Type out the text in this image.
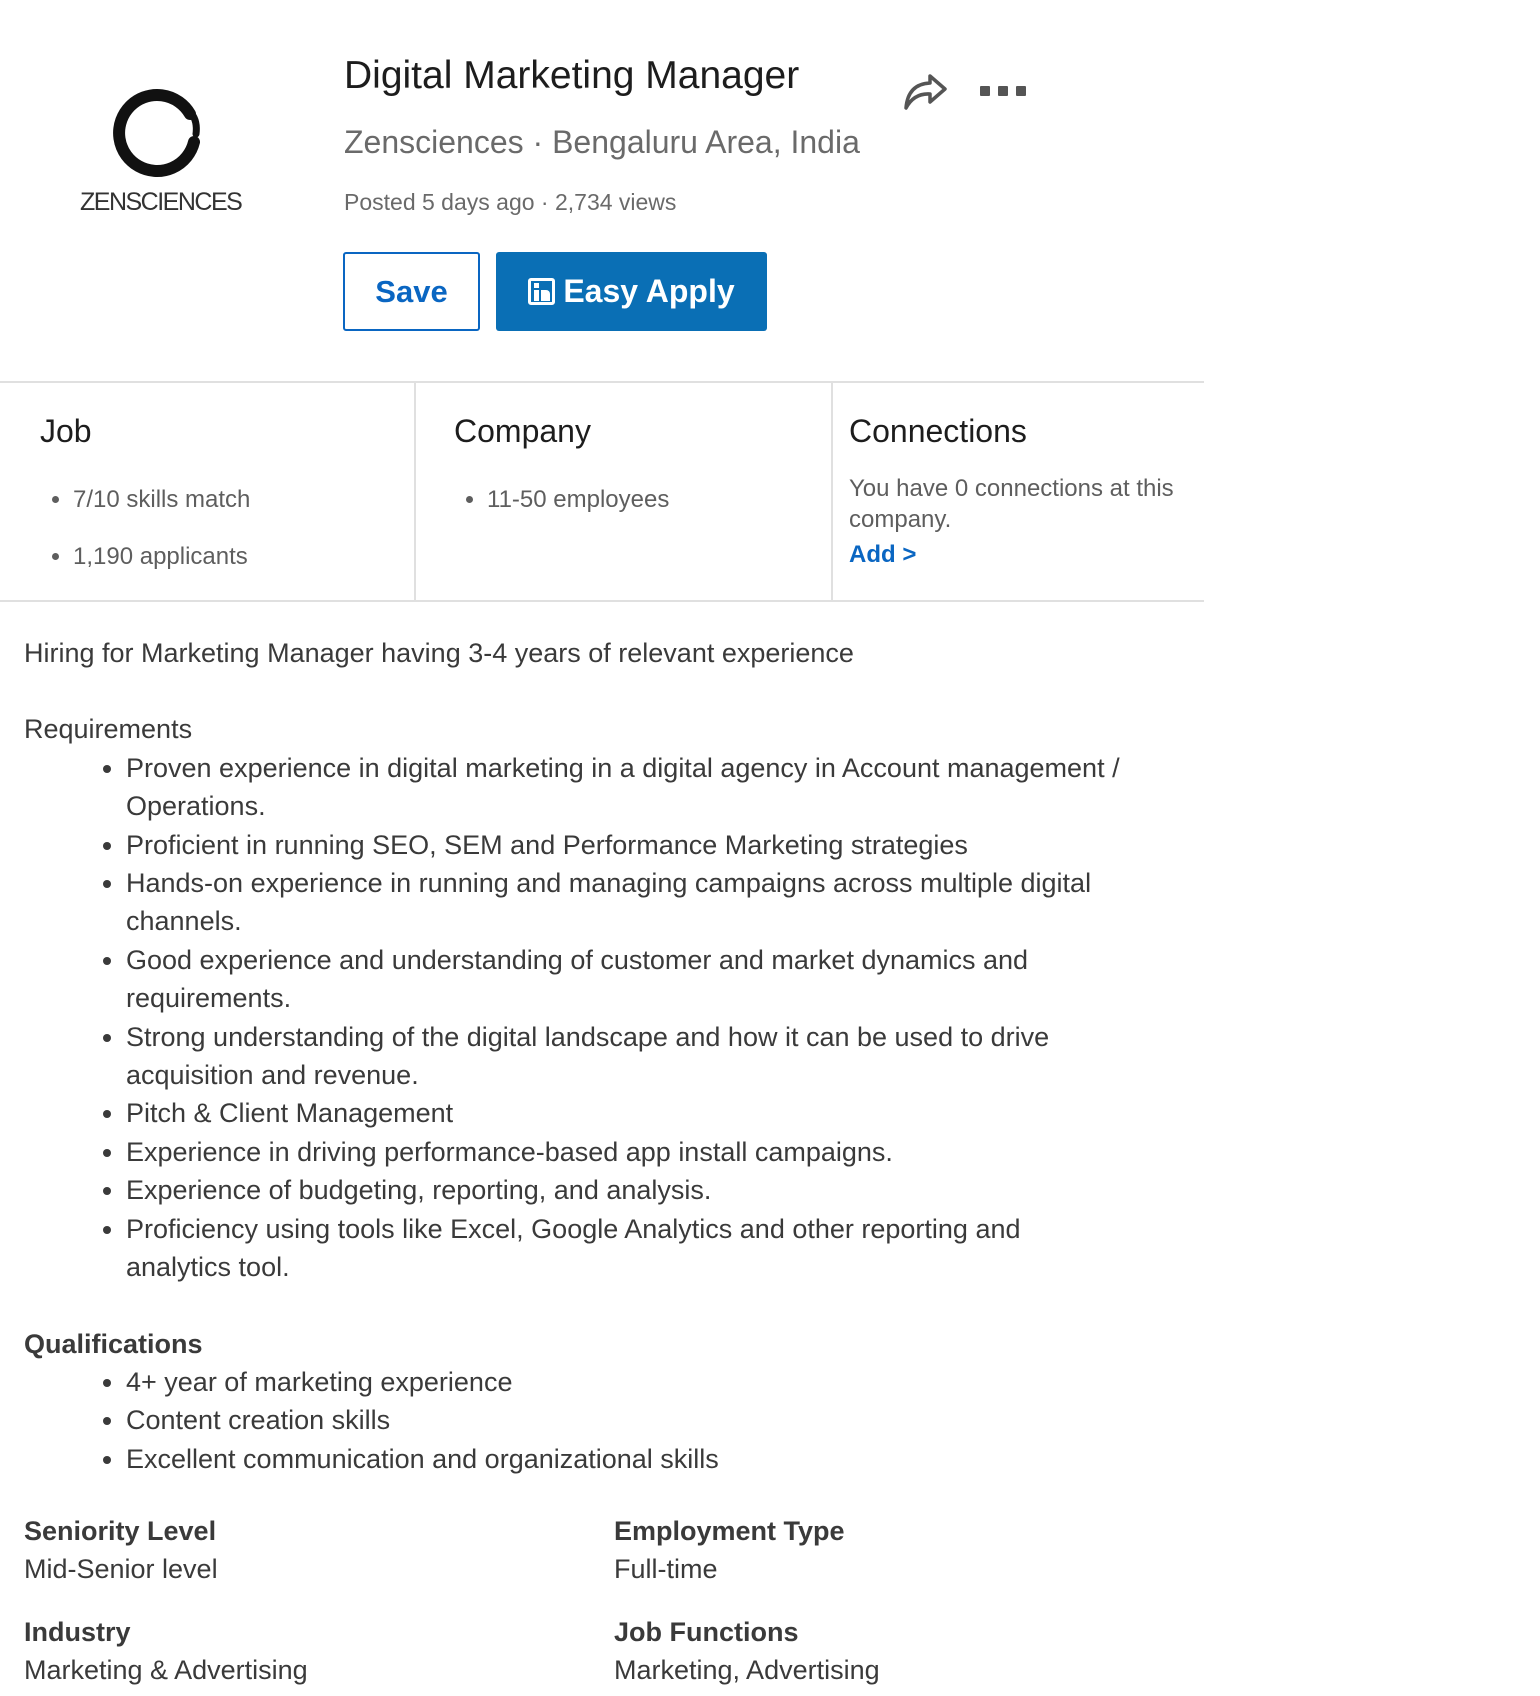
ZENSCIENCES
Digital Marketing Manager
Zensciences · Bengaluru Area, India
Posted 5 days ago · 2,734 views
Save	Easy Apply
Job
• 7/10 skills match
• 1,190 applicants
Company
• 11-50 employees
Connections
You have 0 connections at this company.
Add >

Hiring for Marketing Manager having 3-4 years of relevant experience

Requirements

• Proven experience in digital marketing in a digital agency in Account management / Operations.
• Proficient in running SEO, SEM and Performance Marketing strategies
• Hands-on experience in running and managing campaigns across multiple digital channels.
• Good experience and understanding of customer and market dynamics and requirements.
• Strong understanding of the digital landscape and how it can be used to drive acquisition and revenue.
• Pitch & Client Management
• Experience in driving performance-based app install campaigns.
• Experience of budgeting, reporting, and analysis.
• Proficiency using tools like Excel, Google Analytics and other reporting and analytics tool.

Qualifications

• 4+ year of marketing experience
• Content creation skills
• Excellent communication and organizational skills
Seniority Level
Mid-Senior level
Employment Type
Full-time
Industry
Marketing & Advertising
Job Functions
Marketing, Advertising
